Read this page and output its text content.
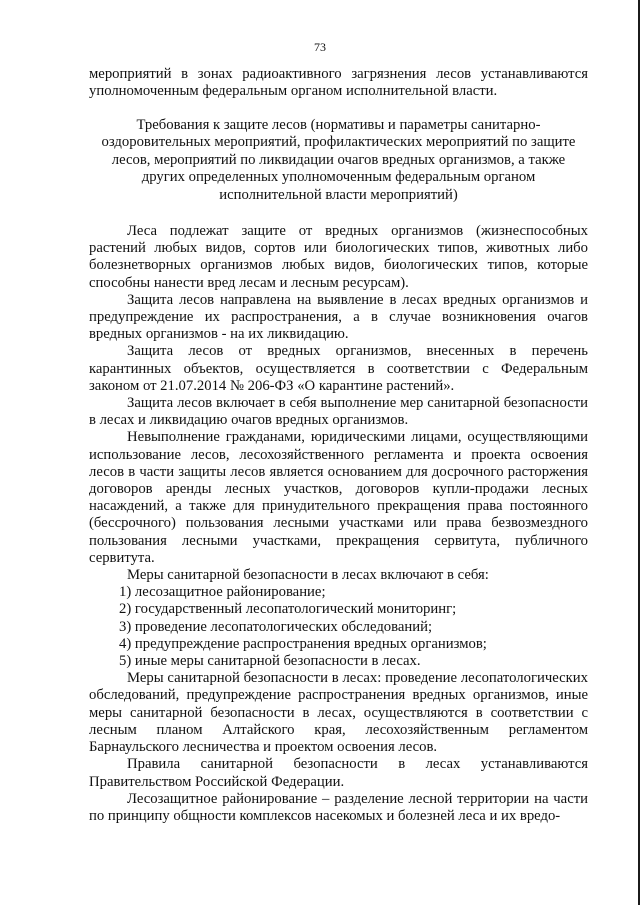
73

мероприятий в зонах радиоактивного загрязнения лесов устанавливаются уполномоченным федеральным органом исполнительной власти.

Требования к защите лесов (нормативы и параметры санитарно-оздоровительных мероприятий, профилактических мероприятий по защите лесов, мероприятий по ликвидации очагов вредных организмов, а также других определенных уполномоченным федеральным органом исполнительной власти мероприятий)

Леса подлежат защите от вредных организмов (жизнеспособных растений любых видов, сортов или биологических типов, животных либо болезнетворных организмов любых видов, биологических типов, которые способны нанести вред лесам и лесным ресурсам).

Защита лесов направлена на выявление в лесах вредных организмов и предупреждение их распространения, а в случае возникновения очагов вредных организмов - на их ликвидацию.

Защита лесов от вредных организмов, внесенных в перечень карантинных объектов, осуществляется в соответствии с Федеральным законом от 21.07.2014 № 206-ФЗ «О карантине растений».

Защита лесов включает в себя выполнение мер санитарной безопасности в лесах и ликвидацию очагов вредных организмов.

Невыполнение гражданами, юридическими лицами, осуществляющими использование лесов, лесохозяйственного регламента и проекта освоения лесов в части защиты лесов является основанием для досрочного расторжения договоров аренды лесных участков, договоров купли-продажи лесных насаждений, а также для принудительного прекращения права постоянного (бессрочного) пользования лесными участками или права безвозмездного пользования лесными участками, прекращения сервитута, публичного сервитута.

Меры санитарной безопасности в лесах включают в себя:

1) лесозащитное районирование;

2) государственный лесопатологический мониторинг;

3) проведение лесопатологических обследований;

4) предупреждение распространения вредных организмов;

5) иные меры санитарной безопасности в лесах.

Меры санитарной безопасности в лесах: проведение лесопатологических обследований, предупреждение распространения вредных организмов, иные меры санитарной безопасности в лесах, осуществляются в соответствии с лесным планом Алтайского края, лесохозяйственным регламентом Барнаульского лесничества и проектом освоения лесов.

Правила санитарной безопасности в лесах устанавливаются Правительством Российской Федерации.

Лесозащитное районирование – разделение лесной территории на части по принципу общности комплексов насекомых и болезней леса и их вредо-
